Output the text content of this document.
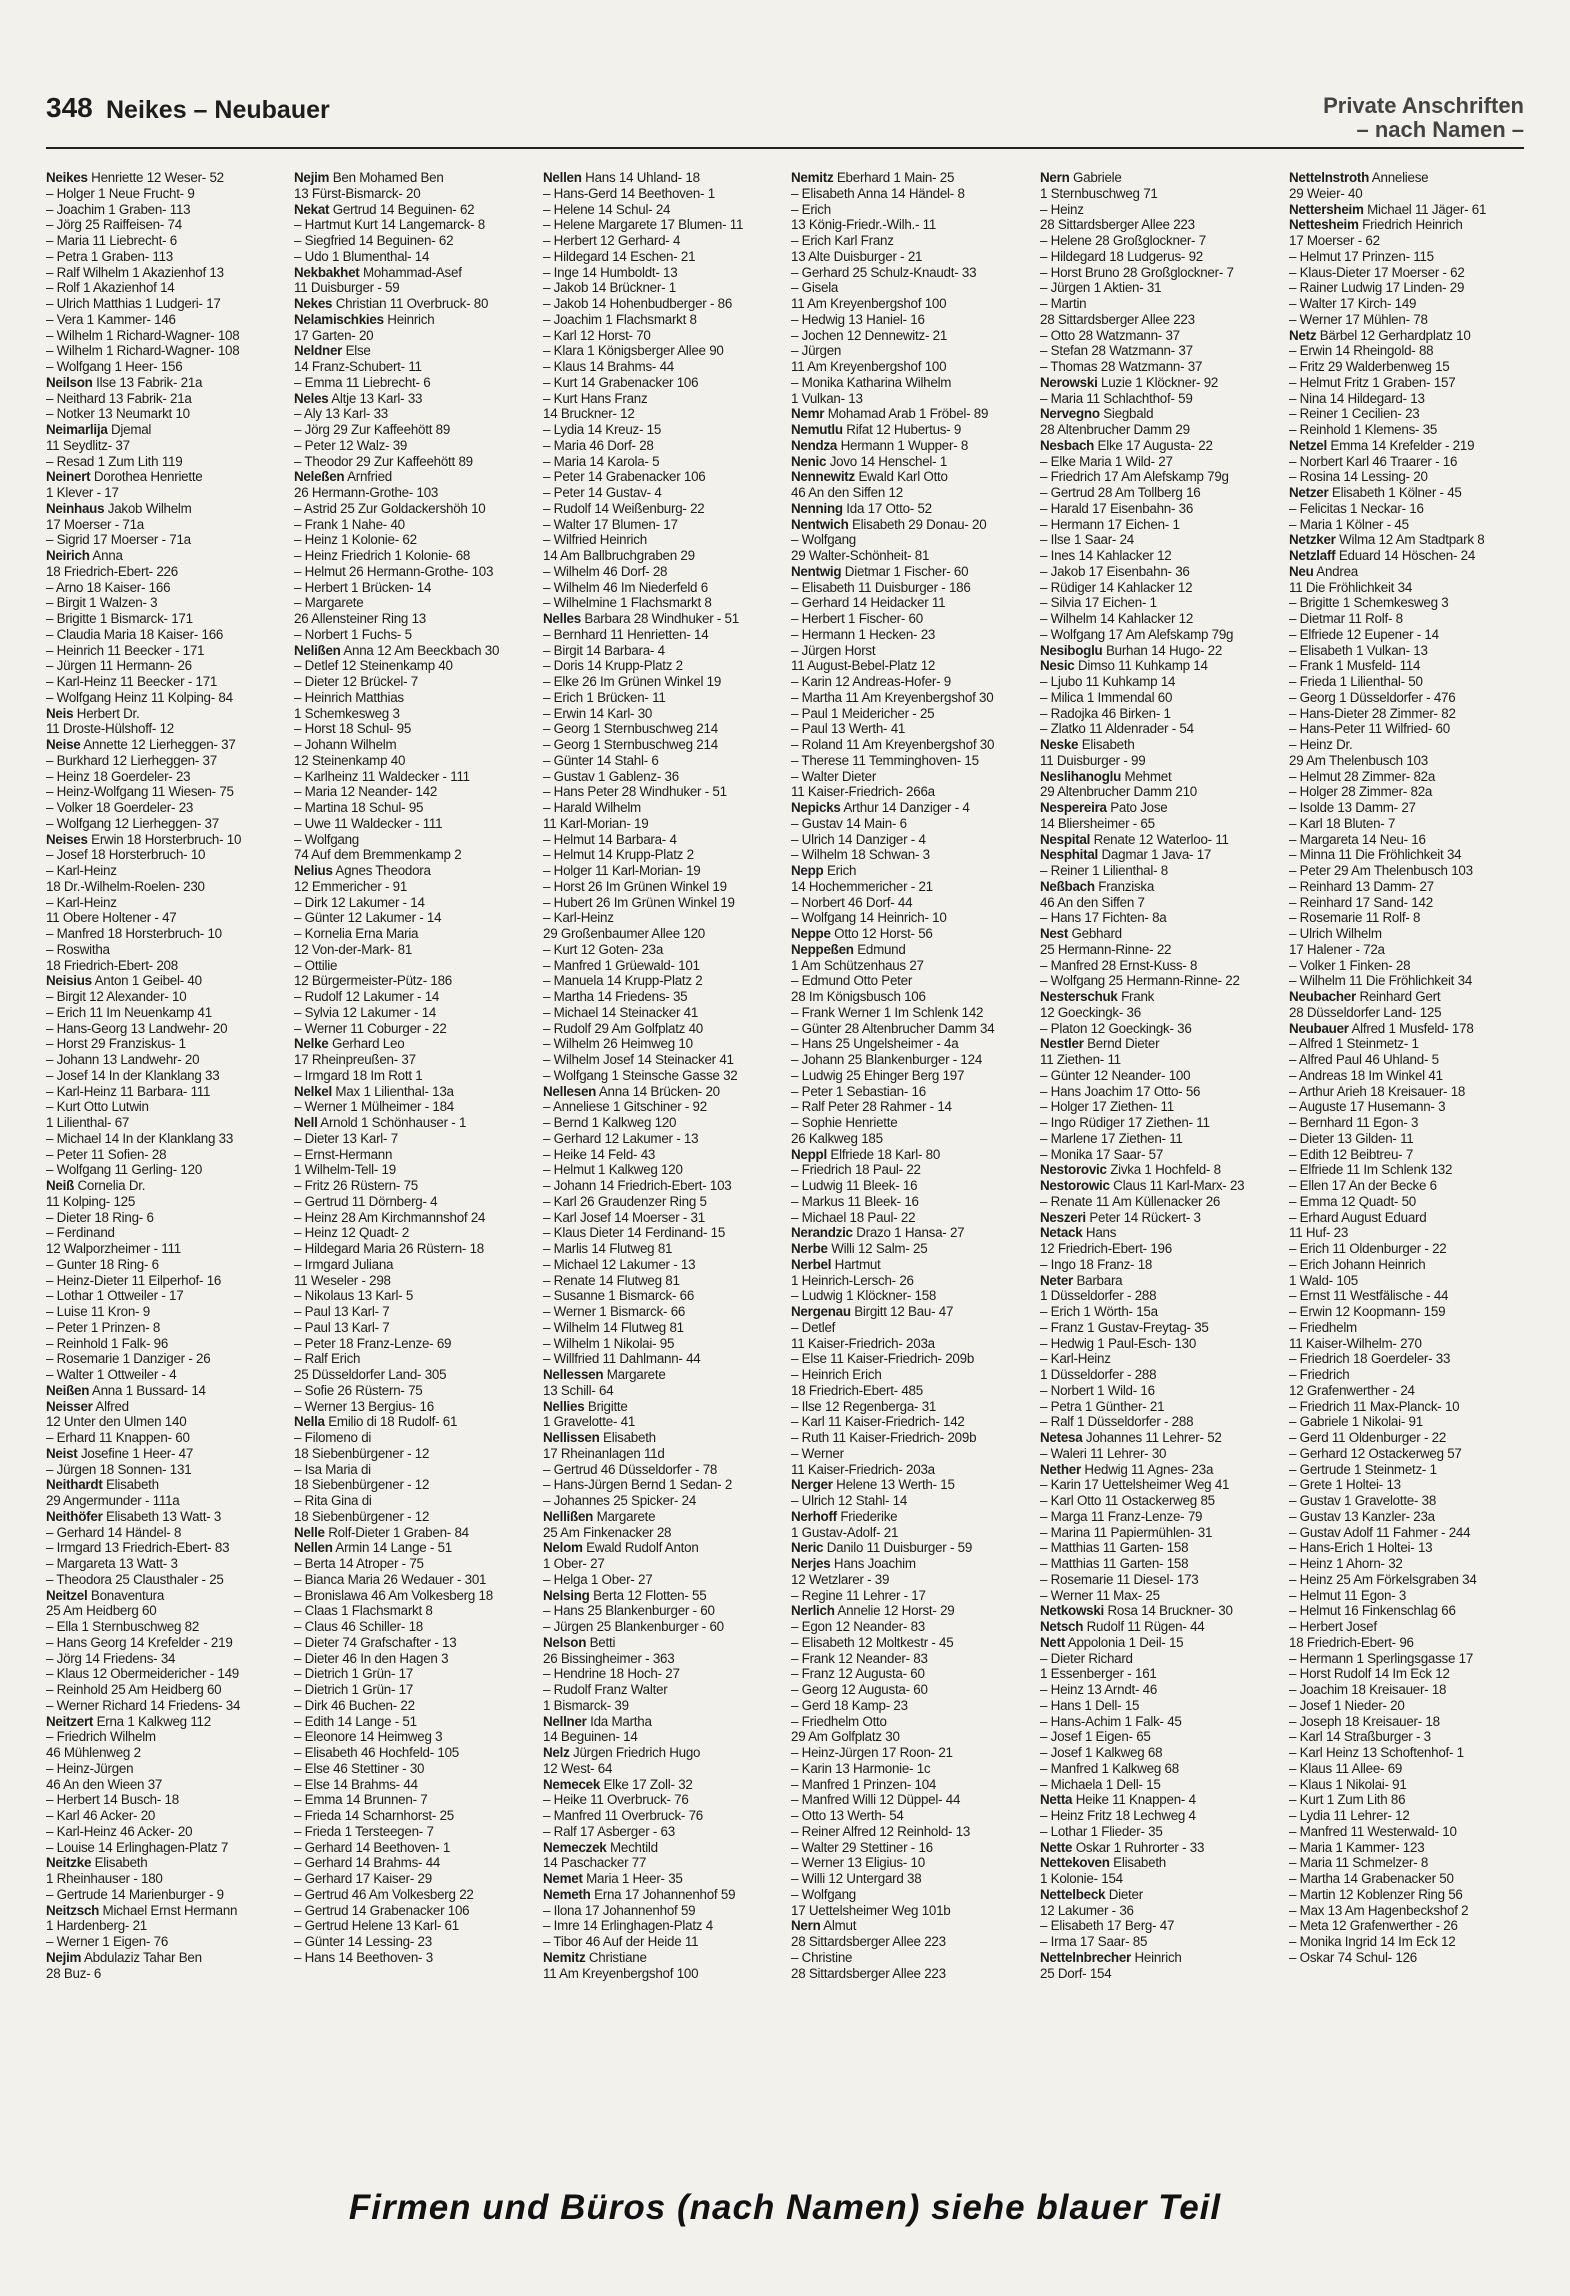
348 Neikes – Neubauer	Private Anschriften
– nach Namen –
Neikes Henriette 12 Weser- 52
– Holger 1 Neue Frucht- 9
– Joachim 1 Graben- 113
– Jörg 25 Raiffeisen- 74
– Maria 11 Liebrecht- 6
– Petra 1 Graben- 113
– Ralf Wilhelm 1 Akazienhof 13
– Rolf 1 Akazienhof 14
– Ulrich Matthias 1 Ludgeri- 17
– Vera 1 Kammer- 146
– Wilhelm 1 Richard-Wagner- 108
– Wilhelm 1 Richard-Wagner- 108
– Wolfgang 1 Heer- 156
Neilson Ilse 13 Fabrik- 21a
– Neithard 13 Fabrik- 21a
– Notker 13 Neumarkt 10
Neimarlija Djemal
11 Seydlitz- 37
– Resad 1 Zum Lith 119
Neinert Dorothea Henriette
1 Klever - 17
Neinhaus Jakob Wilhelm
17 Moerser - 71a
– Sigrid 17 Moerser - 71a
Neirich Anna
18 Friedrich-Ebert- 226
– Arno 18 Kaiser- 166
– Birgit 1 Walzen- 3
– Brigitte 1 Bismarck- 171
– Claudia Maria 18 Kaiser- 166
– Heinrich 11 Beecker - 171
– Jürgen 11 Hermann- 26
– Karl-Heinz 11 Beecker - 171
– Wolfgang Heinz 11 Kolping- 84
Neis Herbert Dr.
11 Droste-Hülshoff- 12
Neise Annette 12 Lierheggen- 37
– Burkhard 12 Lierheggen- 37
– Heinz 18 Goerdeler- 23
– Heinz-Wolfgang 11 Wiesen- 75
– Volker 18 Goerdeler- 23
– Wolfgang 12 Lierheggen- 37
Neises Erwin 18 Horsterbruch- 10
– Josef 18 Horsterbruch- 10
– Karl-Heinz
18 Dr.-Wilhelm-Roelen- 230
– Karl-Heinz
11 Obere Holtener - 47
– Manfred 18 Horsterbruch- 10
– Roswitha
18 Friedrich-Ebert- 208
Neisius Anton 1 Geibel- 40
– Birgit 12 Alexander- 10
– Erich 11 Im Neuenkamp 41
– Hans-Georg 13 Landwehr- 20
– Horst 29 Franziskus- 1
– Johann 13 Landwehr- 20
– Josef 14 In der Klanklang 33
– Karl-Heinz 11 Barbara- 111
– Kurt Otto Lutwin
1 Lilienthal- 67
– Michael 14 In der Klanklang 33
– Peter 11 Sofien- 28
– Wolfgang 11 Gerling- 120
Neiß Cornelia Dr.
11 Kolping- 125
– Dieter 18 Ring- 6
– Ferdinand
12 Walporzheimer - 111
– Gunter 18 Ring- 6
– Heinz-Dieter 11 Eilperhof- 16
– Lothar 1 Ottweiler - 17
– Luise 11 Kron- 9
– Peter 1 Prinzen- 8
– Reinhold 1 Falk- 96
– Rosemarie 1 Danziger - 26
– Walter 1 Ottweiler - 4
Neißen Anna 1 Bussard- 14
Neisser Alfred
12 Unter den Ulmen 140
– Erhard 11 Knappen- 60
Neist Josefine 1 Heer- 47
– Jürgen 18 Sonnen- 131
Neithardt Elisabeth
29 Angermunder - 111a
Neithöfer Elisabeth 13 Watt- 3
– Gerhard 14 Händel- 8
– Irmgard 13 Friedrich-Ebert- 83
– Margareta 13 Watt- 3
– Theodora 25 Clausthaler - 25
Neitzel Bonaventura
25 Am Heidberg 60
– Ella 1 Sternbuschweg 82
– Hans Georg 14 Krefelder - 219
– Jörg 14 Friedens- 34
– Klaus 12 Obermeidericher - 149
– Reinhold 25 Am Heidberg 60
– Werner Richard 14 Friedens- 34
Neitzert Erna 1 Kalkweg 112
– Friedrich Wilhelm
46 Mühlenweg 2
– Heinz-Jürgen
46 An den Wieen 37
– Herbert 14 Busch- 18
– Karl 46 Acker- 20
– Karl-Heinz 46 Acker- 20
– Louise 14 Erlinghagen-Platz 7
Neitzke Elisabeth
1 Rheinhauser - 180
– Gertrude 14 Marienburger - 9
Neitzsch Michael Ernst Hermann
1 Hardenberg- 21
– Werner 1 Eigen- 76
Nejim Abdulaziz Tahar Ben
28 Buz- 6
Nejim Ben Mohamed Ben
13 Fürst-Bismarck- 20
Nekat Gertrud 14 Beguinen- 62
– Hartmut Kurt 14 Langemarck- 8
– Siegfried 14 Beguinen- 62
– Udo 1 Blumenthal- 14
Nekbakhet Mohammad-Asef
11 Duisburger - 59
Nekes Christian 11 Overbruck- 80
Nelamischkies Heinrich
17 Garten- 20
Neldner Else
14 Franz-Schubert- 11
– Emma 11 Liebrecht- 6
Neles Altje 13 Karl- 33
– Aly 13 Karl- 33
– Jörg 29 Zur Kaffeehött 89
– Peter 12 Walz- 39
– Theodor 29 Zur Kaffeehött 89
Neleßen Arnfried
26 Hermann-Grothe- 103
– Astrid 25 Zur Goldackershöh 10
– Frank 1 Nahe- 40
– Heinz 1 Kolonie- 62
– Heinz Friedrich 1 Kolonie- 68
– Helmut 26 Hermann-Grothe- 103
– Herbert 1 Brücken- 14
– Margarete
26 Allensteiner Ring 13
– Norbert 1 Fuchs- 5
Nelißen Anna 12 Am Beeckbach 30
– Detlef 12 Steinenkamp 40
– Dieter 12 Brückel- 7
– Heinrich Matthias
1 Schemkesweg 3
– Horst 18 Schul- 95
– Johann Wilhelm
12 Steinenkamp 40
– Karlheinz 11 Waldecker - 111
– Maria 12 Neander- 142
– Martina 18 Schul- 95
– Uwe 11 Waldecker - 111
– Wolfgang
74 Auf dem Bremmenkamp 2
Nelius Agnes Theodora
12 Emmericher - 91
– Dirk 12 Lakumer - 14
– Günter 12 Lakumer - 14
– Kornelia Erna Maria
12 Von-der-Mark- 81
– Ottilie
12 Bürgermeister-Pütz- 186
– Rudolf 12 Lakumer - 14
– Sylvia 12 Lakumer - 14
– Werner 11 Coburger - 22
Nelke Gerhard Leo
17 Rheinpreußen- 37
– Irmgard 18 Im Rott 1
Nelkel Max 1 Lilienthal- 13a
– Werner 1 Mülheimer - 184
Nell Arnold 1 Schönhauser - 1
– Dieter 13 Karl- 7
– Ernst-Hermann
1 Wilhelm-Tell- 19
– Fritz 26 Rüstern- 75
– Gertrud 11 Dörnberg- 4
– Heinz 28 Am Kirchmannshof 24
– Heinz 12 Quadt- 2
– Hildegard Maria 26 Rüstern- 18
– Irmgard Juliana
11 Weseler - 298
– Nikolaus 13 Karl- 5
– Paul 13 Karl- 7
– Paul 13 Karl- 7
– Peter 18 Franz-Lenze- 69
– Ralf Erich
25 Düsseldorfer Land- 305
– Sofie 26 Rüstern- 75
– Werner 13 Bergius- 16
Nella Emilio di 18 Rudolf- 61
– Filomeno di
18 Siebenbürgener - 12
– Isa Maria di
18 Siebenbürgener - 12
– Rita Gina di
18 Siebenbürgener - 12
Nelle Rolf-Dieter 1 Graben- 84
Nellen Armin 14 Lange - 51
– Berta 14 Atroper - 75
– Bianca Maria 26 Wedauer - 301
– Bronislawa 46 Am Volkesberg 18
– Claas 1 Flachsmarkt 8
– Claus 46 Schiller- 18
– Dieter 74 Grafschafter - 13
– Dieter 46 In den Hagen 3
– Dietrich 1 Grün- 17
– Dietrich 1 Grün- 17
– Dirk 46 Buchen- 22
– Edith 14 Lange - 51
– Eleonore 14 Heimweg 3
– Elisabeth 46 Hochfeld- 105
– Else 46 Stettiner - 30
– Else 14 Brahms- 44
– Emma 14 Brunnen- 7
– Frieda 14 Scharnhorst- 25
– Frieda 1 Tersteegen- 7
– Gerhard 14 Beethoven- 1
– Gerhard 14 Brahms- 44
– Gerhard 17 Kaiser- 29
– Gertrud 46 Am Volkesberg 22
– Gertrud 14 Grabenacker 106
– Gertrud Helene 13 Karl- 61
– Günter 14 Lessing- 23
– Hans 14 Beethoven- 3
Nellen Hans 14 Uhland- 18
– Hans-Gerd 14 Beethoven- 1
– Helene 14 Schul- 24
– Helene Margarete 17 Blumen- 11
– Herbert 12 Gerhard- 4
– Hildegard 14 Eschen- 21
– Inge 14 Humboldt- 13
– Jakob 14 Brückner- 1
– Jakob 14 Hohenbudberger - 86
– Joachim 1 Flachsmarkt 8
– Karl 12 Horst- 70
– Klara 1 Königsberger Allee 90
– Klaus 14 Brahms- 44
– Kurt 14 Grabenacker 106
– Kurt Hans Franz
14 Bruckner- 12
– Lydia 14 Kreuz- 15
– Maria 46 Dorf- 28
– Maria 14 Karola- 5
– Peter 14 Grabenacker 106
– Peter 14 Gustav- 4
– Rudolf 14 Weißenburg- 22
– Walter 17 Blumen- 17
– Wilfried Heinrich
14 Am Ballbruchgraben 29
– Wilhelm 46 Dorf- 28
– Wilhelm 46 Im Niederfeld 6
– Wilhelmine 1 Flachsmarkt 8
Nelles Barbara 28 Windhuker - 51
– Bernhard 11 Henrietten- 14
– Birgit 14 Barbara- 4
– Doris 14 Krupp-Platz 2
– Elke 26 Im Grünen Winkel 19
– Erich 1 Brücken- 11
– Erwin 14 Karl- 30
– Georg 1 Sternbuschweg 214
– Georg 1 Sternbuschweg 214
– Günter 14 Stahl- 6
– Gustav 1 Gablenz- 36
– Hans Peter 28 Windhuker - 51
– Harald Wilhelm
11 Karl-Morian- 19
– Helmut 14 Barbara- 4
– Helmut 14 Krupp-Platz 2
– Holger 11 Karl-Morian- 19
– Horst 26 Im Grünen Winkel 19
– Hubert 26 Im Grünen Winkel 19
– Karl-Heinz
29 Großenbaumer Allee 120
– Kurt 12 Goten- 23a
– Manfred 1 Grüewald- 101
– Manuela 14 Krupp-Platz 2
– Martha 14 Friedens- 35
– Michael 14 Steinacker 41
– Rudolf 29 Am Golfplatz 40
– Wilhelm 26 Heimweg 10
– Wilhelm Josef 14 Steinacker 41
– Wolfgang 1 Steinsche Gasse 32
Nellesen Anna 14 Brücken- 20
– Anneliese 1 Gitschiner - 92
– Bernd 1 Kalkweg 120
– Gerhard 12 Lakumer - 13
– Heike 14 Feld- 43
– Helmut 1 Kalkweg 120
– Johann 14 Friedrich-Ebert- 103
– Karl 26 Graudenzer Ring 5
– Karl Josef 14 Moerser - 31
– Klaus Dieter 14 Ferdinand- 15
– Marlis 14 Flutweg 81
– Michael 12 Lakumer - 13
– Renate 14 Flutweg 81
– Susanne 1 Bismarck- 66
– Werner 1 Bismarck- 66
– Wilhelm 14 Flutweg 81
– Wilhelm 1 Nikolai- 95
– Willfried 11 Dahlmann- 44
Nellessen Margarete
13 Schill- 64
Nellies Brigitte
1 Gravelotte- 41
Nellissen Elisabeth
17 Rheinanlagen 11d
– Gertrud 46 Düsseldorfer - 78
– Hans-Jürgen Bernd 1 Sedan- 2
– Johannes 25 Spicker- 24
Nellißen Margarete
25 Am Finkenacker 28
Nelom Ewald Rudolf Anton
1 Ober- 27
– Helga 1 Ober- 27
Nelsing Berta 12 Flotten- 55
– Hans 25 Blankenburger - 60
– Jürgen 25 Blankenburger - 60
Nelson Betti
26 Bissingheimer - 363
– Hendrine 18 Hoch- 27
– Rudolf Franz Walter
1 Bismarck- 39
Nellner Ida Martha
14 Beguinen- 14
Nelz Jürgen Friedrich Hugo
12 West- 64
Nemecek Elke 17 Zoll- 32
– Heike 11 Overbruck- 76
– Manfred 11 Overbruck- 76
– Ralf 17 Asberger - 63
Nemeczek Mechtild
14 Paschacker 77
Nemet Maria 1 Heer- 35
Nemeth Erna 17 Johannenhof 59
– Ilona 17 Johannenhof 59
– Imre 14 Erlinghagen-Platz 4
– Tibor 46 Auf der Heide 11
Nemitz Christiane
11 Am Kreyenbergshof 100
Nemitz Eberhard 1 Main- 25
– Elisabeth Anna 14 Händel- 8
– Erich
13 König-Friedr.-Wilh.- 11
– Erich Karl Franz
13 Alte Duisburger - 21
– Gerhard 25 Schulz-Knaudt- 33
– Gisela
11 Am Kreyenbergshof 100
– Hedwig 13 Haniel- 16
– Jochen 12 Dennewitz- 21
– Jürgen
11 Am Kreyenbergshof 100
– Monika Katharina Wilhelm
1 Vulkan- 13
Nemr Mohamad Arab 1 Fröbel- 89
Nemutlu Rifat 12 Hubertus- 9
Nendza Hermann 1 Wupper- 8
Nenic Jovo 14 Henschel- 1
Nennewitz Ewald Karl Otto
46 An den Siffen 12
Nenning Ida 17 Otto- 52
Nentwich Elisabeth 29 Donau- 20
– Wolfgang
29 Walter-Schönheit- 81
Nentwig Dietmar 1 Fischer- 60
– Elisabeth 11 Duisburger - 186
– Gerhard 14 Heidacker 11
– Herbert 1 Fischer- 60
– Hermann 1 Hecken- 23
– Jürgen Horst
11 August-Bebel-Platz 12
– Karin 12 Andreas-Hofer- 9
– Martha 11 Am Kreyenbergshof 30
– Paul 1 Meidericher - 25
– Paul 13 Werth- 41
– Roland 11 Am Kreyenbergshof 30
– Therese 11 Temminghoven- 15
– Walter Dieter
11 Kaiser-Friedrich- 266a
Nepicks Arthur 14 Danziger - 4
– Gustav 14 Main- 6
– Ulrich 14 Danziger - 4
– Wilhelm 18 Schwan- 3
Nepp Erich
14 Hochemmericher - 21
– Norbert 46 Dorf- 44
– Wolfgang 14 Heinrich- 10
Neppe Otto 12 Horst- 56
Neppeßen Edmund
1 Am Schützenhaus 27
– Edmund Otto Peter
28 Im Königsbusch 106
– Frank Werner 1 Im Schlenk 142
– Günter 28 Altenbrucher Damm 34
– Hans 25 Ungelsheimer - 4a
– Johann 25 Blankenburger - 124
– Ludwig 25 Ehinger Berg 197
– Peter 1 Sebastian- 16
– Ralf Peter 28 Rahmer - 14
– Sophie Henriette
26 Kalkweg 185
Neppl Elfriede 18 Karl- 80
– Friedrich 18 Paul- 22
– Ludwig 11 Bleek- 16
– Markus 11 Bleek- 16
– Michael 18 Paul- 22
Nerandzic Drazo 1 Hansa- 27
Nerbe Willi 12 Salm- 25
Nerbel Hartmut
1 Heinrich-Lersch- 26
– Ludwig 1 Klöckner- 158
Nergenau Birgitt 12 Bau- 47
– Detlef
11 Kaiser-Friedrich- 203a
– Else 11 Kaiser-Friedrich- 209b
– Heinrich Erich
18 Friedrich-Ebert- 485
– Ilse 12 Regenberga- 31
– Karl 11 Kaiser-Friedrich- 142
– Ruth 11 Kaiser-Friedrich- 209b
– Werner
11 Kaiser-Friedrich- 203a
Nerger Helene 13 Werth- 15
– Ulrich 12 Stahl- 14
Nerhoff Friederike
1 Gustav-Adolf- 21
Neric Danilo 11 Duisburger - 59
Nerjes Hans Joachim
12 Wetzlarer - 39
– Regine 11 Lehrer - 17
Nerlich Annelie 12 Horst- 29
– Egon 12 Neander- 83
– Elisabeth 12 Moltkestr - 45
– Frank 12 Neander- 83
– Franz 12 Augusta- 60
– Georg 12 Augusta- 60
– Gerd 18 Kamp- 23
– Friedhelm Otto
29 Am Golfplatz 30
– Heinz-Jürgen 17 Roon- 21
– Karin 13 Harmonie- 1c
– Manfred 1 Prinzen- 104
– Manfred Willi 12 Düppel- 44
– Otto 13 Werth- 54
– Reiner Alfred 12 Reinhold- 13
– Walter 29 Stettiner - 16
– Werner 13 Eligius- 10
– Willi 12 Untergard 38
– Wolfgang
17 Uettelsheimer Weg 101b
Nern Almut
28 Sittardsberger Allee 223
– Christine
28 Sittardsberger Allee 223
Nern Gabriele
1 Sternbuschweg 71
– Heinz
28 Sittardsberger Allee 223
– Helene 28 Großglockner- 7
– Hildegard 18 Ludgerus- 92
– Horst Bruno 28 Großglockner- 7
– Jürgen 1 Aktien- 31
– Martin
28 Sittardsberger Allee 223
– Otto 28 Watzmann- 37
– Stefan 28 Watzmann- 37
– Thomas 28 Watzmann- 37
Nerowski Luzie 1 Klöckner- 92
– Maria 11 Schlachthof- 59
Nervegno Siegbald
28 Altenbrucher Damm 29
Nesbach Elke 17 Augusta- 22
– Elke Maria 1 Wild- 27
– Friedrich 17 Am Alefskamp 79g
– Gertrud 28 Am Tollberg 16
– Harald 17 Eisenbahn- 36
– Hermann 17 Eichen- 1
– Ilse 1 Saar- 24
– Ines 14 Kahlacker 12
– Jakob 17 Eisenbahn- 36
– Rüdiger 14 Kahlacker 12
– Silvia 17 Eichen- 1
– Wilhelm 14 Kahlacker 12
– Wolfgang 17 Am Alefskamp 79g
Nesiboglu Burhan 14 Hugo- 22
Nesic Dimso 11 Kuhkamp 14
– Ljubo 11 Kuhkamp 14
– Milica 1 Immendal 60
– Radojka 46 Birken- 1
– Zlatko 11 Aldenrader - 54
Neske Elisabeth
11 Duisburger - 99
Neslihanoglu Mehmet
29 Altenbrucher Damm 210
Nespereira Pato Jose
14 Bliersheimer - 65
Nespital Renate 12 Waterloo- 11
Nesphital Dagmar 1 Java- 17
– Reiner 1 Lilienthal- 8
Neßbach Franziska
46 An den Siffen 7
– Hans 17 Fichten- 8a
Nest Gebhard
25 Hermann-Rinne- 22
– Manfred 28 Ernst-Kuss- 8
– Wolfgang 25 Hermann-Rinne- 22
Nesterschuk Frank
12 Goeckingk- 36
– Platon 12 Goeckingk- 36
Nestler Bernd Dieter
11 Ziethen- 11
– Günter 12 Neander- 100
– Hans Joachim 17 Otto- 56
– Holger 17 Ziethen- 11
– Ingo Rüdiger 17 Ziethen- 11
– Marlene 17 Ziethen- 11
– Monika 17 Saar- 57
Nestorovic Zivka 1 Hochfeld- 8
Nestorowic Claus 11 Karl-Marx- 23
– Renate 11 Am Küllenacker 26
Neszeri Peter 14 Rückert- 3
Netack Hans
12 Friedrich-Ebert- 196
– Ingo 18 Franz- 18
Neter Barbara
1 Düsseldorfer - 288
– Erich 1 Wörth- 15a
– Franz 1 Gustav-Freytag- 35
– Hedwig 1 Paul-Esch- 130
– Karl-Heinz
1 Düsseldorfer - 288
– Norbert 1 Wild- 16
– Petra 1 Günther- 21
– Ralf 1 Düsseldorfer - 288
Netesa Johannes 11 Lehrer- 52
– Waleri 11 Lehrer- 30
Nether Hedwig 11 Agnes- 23a
– Karin 17 Uettelsheimer Weg 41
– Karl Otto 11 Ostackerweg 85
– Marga 11 Franz-Lenze- 79
– Marina 11 Papiermühlen- 31
– Matthias 11 Garten- 158
– Matthias 11 Garten- 158
– Rosemarie 11 Diesel- 173
– Werner 11 Max- 25
Netkowski Rosa 14 Bruckner- 30
Netsch Rudolf 11 Rügen- 44
Nett Appolonia 1 Deil- 15
– Dieter Richard
1 Essenberger - 161
– Heinz 13 Arndt- 46
– Hans 1 Dell- 15
– Hans-Achim 1 Falk- 45
– Josef 1 Eigen- 65
– Josef 1 Kalkweg 68
– Manfred 1 Kalkweg 68
– Michaela 1 Dell- 15
Netta Heike 11 Knappen- 4
– Heinz Fritz 18 Lechweg 4
– Lothar 1 Flieder- 35
Nette Oskar 1 Ruhrorter - 33
Nettekoven Elisabeth
1 Kolonie- 154
Nettelbeck Dieter
12 Lakumer - 36
– Elisabeth 17 Berg- 47
– Irma 17 Saar- 85
Nettelnbrecher Heinrich
25 Dorf- 154
Nettelnstroth Anneliese
29 Weier- 40
Nettersheim Michael 11 Jäger- 61
Nettesheim Friedrich Heinrich
17 Moerser - 62
– Helmut 17 Prinzen- 115
– Klaus-Dieter 17 Moerser - 62
– Rainer Ludwig 17 Linden- 29
– Walter 17 Kirch- 149
– Werner 17 Mühlen- 78
Netz Bärbel 12 Gerhardplatz 10
– Erwin 14 Rheingold- 88
– Fritz 29 Walderbenweg 15
– Helmut Fritz 1 Graben- 157
– Nina 14 Hildegard- 13
– Reiner 1 Cecilien- 23
– Reinhold 1 Klemens- 35
Netzel Emma 14 Krefelder - 219
– Norbert Karl 46 Traarer - 16
– Rosina 14 Lessing- 20
Netzer Elisabeth 1 Kölner - 45
– Felicitas 1 Neckar- 16
– Maria 1 Kölner - 45
Netzker Wilma 12 Am Stadtpark 8
Netzlaff Eduard 14 Höschen- 24
Neu Andrea
11 Die Fröhlichkeit 34
– Brigitte 1 Schemkesweg 3
– Dietmar 11 Rolf- 8
– Elfriede 12 Eupener - 14
– Elisabeth 1 Vulkan- 13
– Frank 1 Musfeld- 114
– Frieda 1 Lilienthal- 50
– Georg 1 Düsseldorfer - 476
– Hans-Dieter 28 Zimmer- 82
– Hans-Peter 11 Wilfried- 60
– Heinz Dr.
29 Am Thelenbusch 103
– Helmut 28 Zimmer- 82a
– Holger 28 Zimmer- 82a
– Isolde 13 Damm- 27
– Karl 18 Bluten- 7
– Margareta 14 Neu- 16
– Minna 11 Die Fröhlichkeit 34
– Peter 29 Am Thelenbusch 103
– Reinhard 13 Damm- 27
– Reinhard 17 Sand- 142
– Rosemarie 11 Rolf- 8
– Ulrich Wilhelm
17 Halener - 72a
– Volker 1 Finken- 28
– Wilhelm 11 Die Fröhlichkeit 34
Neubacher Reinhard Gert
28 Düsseldorfer Land- 125
Neubauer Alfred 1 Musfeld- 178
– Alfred 1 Steinmetz- 1
– Alfred Paul 46 Uhland- 5
– Andreas 18 Im Winkel 41
– Arthur Arieh 18 Kreisauer- 18
– Auguste 17 Husemann- 3
– Bernhard 11 Egon- 3
– Dieter 13 Gilden- 11
– Edith 12 Beibtreu- 7
– Elfriede 11 Im Schlenk 132
– Ellen 17 An der Becke 6
– Emma 12 Quadt- 50
– Erhard August Eduard
11 Huf- 23
– Erich 11 Oldenburger - 22
– Erich Johann Heinrich
1 Wald- 105
– Ernst 11 Westfälische - 44
– Erwin 12 Koopmann- 159
– Friedhelm
11 Kaiser-Wilhelm- 270
– Friedrich 18 Goerdeler- 33
– Friedrich
12 Grafenwerther - 24
– Friedrich 11 Max-Planck- 10
– Gabriele 1 Nikolai- 91
– Gerd 11 Oldenburger - 22
– Gerhard 12 Ostackerweg 57
– Gertrude 1 Steinmetz- 1
– Grete 1 Holtei- 13
– Gustav 1 Gravelotte- 38
– Gustav 13 Kanzler- 23a
– Gustav Adolf 11 Fahmer - 244
– Hans-Erich 1 Holtei- 13
– Heinz 1 Ahorn- 32
– Heinz 25 Am Förkelsgraben 34
– Helmut 11 Egon- 3
– Helmut 16 Finkenschlag 66
– Herbert Josef
18 Friedrich-Ebert- 96
– Hermann 1 Sperlingsgasse 17
– Horst Rudolf 14 Im Eck 12
– Joachim 18 Kreisauer- 18
– Josef 1 Nieder- 20
– Joseph 18 Kreisauer- 18
– Karl 14 Straßburger - 3
– Karl Heinz 13 Schoftenhof- 1
– Klaus 11 Allee- 69
– Klaus 1 Nikolai- 91
– Kurt 1 Zum Lith 86
– Lydia 11 Lehrer- 12
– Manfred 11 Westerwald- 10
– Maria 1 Kammer- 123
– Maria 11 Schmelzer- 8
– Martha 14 Grabenacker 50
– Martin 12 Koblenzer Ring 56
– Max 13 Am Hagenbeckshof 2
– Meta 12 Grafenwerther - 26
– Monika Ingrid 14 Im Eck 12
– Oskar 74 Schul- 126
Firmen und Büros (nach Namen) siehe blauer Teil
